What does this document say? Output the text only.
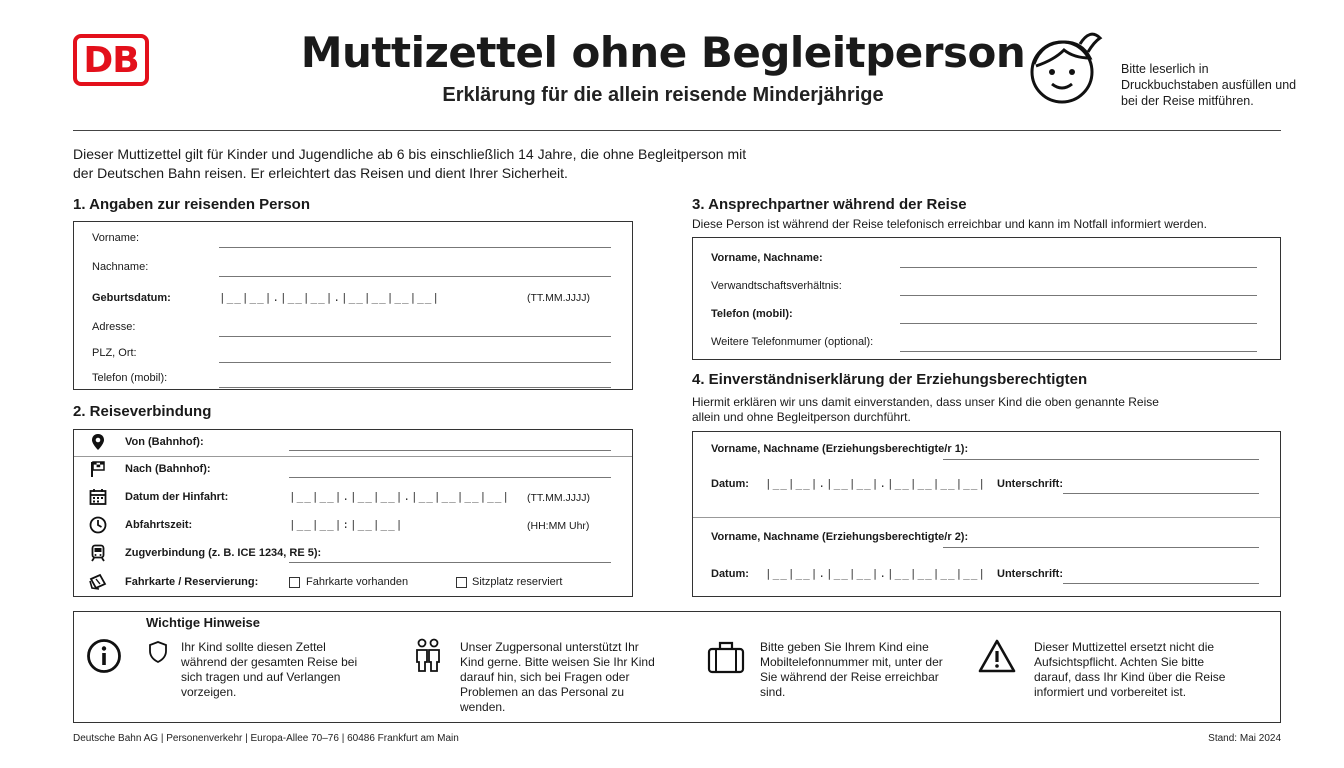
DB	Muttizettel ohne Begleitperson
Erklärung für die allein reisende Minderjährige
Bitte leserlich in Druckbuchstaben ausfüllen und bei der Reise mitführen.
Dieser Muttizettel gilt für Kinder und Jugendliche ab 6 bis einschließlich 14 Jahre, die ohne Begleitperson mit der Deutschen Bahn reisen. Er erleichtert das Reisen und dient Ihrer Sicherheit.
1. Angaben zur reisenden Person
Vorname:
Nachname:
Geburtsdatum:	|__|__|.|__|__|.|__|__|__|__|	(TT.MM.JJJJ)
Adresse:
PLZ, Ort:
Telefon (mobil):
2. Reiseverbindung
Von (Bahnhof):
Nach (Bahnhof):
Datum der Hinfahrt:	|__|__|.|__|__|.|__|__|__|__| (TT.MM.JJJJ)
Abfahrtszeit:	|__|__|:|__|__|	(HH:MM Uhr)
Zugverbindung (z. B. ICE 1234, RE 5):
Fahrkarte / Reservierung:	Fahrkarte vorhanden	Sitzplatz reserviert
3. Ansprechpartner während der Reise
Diese Person ist während der Reise telefonisch erreichbar und kann im Notfall informiert werden.
Vorname, Nachname:
Verwandtschaftsverhältnis:
Telefon (mobil):
Weitere Telefonmumer (optional):
4. Einverständniserklärung der Erziehungsberechtigten
Hiermit erklären wir uns damit einverstanden, dass unser Kind die oben genannte Reise allein und ohne Begleitperson durchführt.
Vorname, Nachname (Erziehungsberechtigte/r 1):
Datum: |__|__|.|__|__|.|__|__|__|__| Unterschrift:
Vorname, Nachname (Erziehungsberechtigte/r 2):
Datum: |__|__|.|__|__|.|__|__|__|__| Unterschrift:
Wichtige Hinweise
Ihr Kind sollte diesen Zettel während der gesamten Reise bei sich tragen und auf Verlangen vorzeigen.
Unser Zugpersonal unterstützt Ihr Kind gerne. Bitte weisen Sie Ihr Kind darauf hin, sich bei Fragen oder Problemen an das Personal zu wenden.
Bitte geben Sie Ihrem Kind eine Mobiltelefonnummer mit, unter der Sie während der Reise erreichbar sind.
Dieser Muttizettel ersetzt nicht die Aufsichtspflicht. Achten Sie bitte darauf, dass Ihr Kind über die Reise informiert und vorbereitet ist.
Deutsche Bahn AG | Personenverkehr | Europa-Allee 70–76 | 60486 Frankfurt am Main	Stand: Mai 2024
